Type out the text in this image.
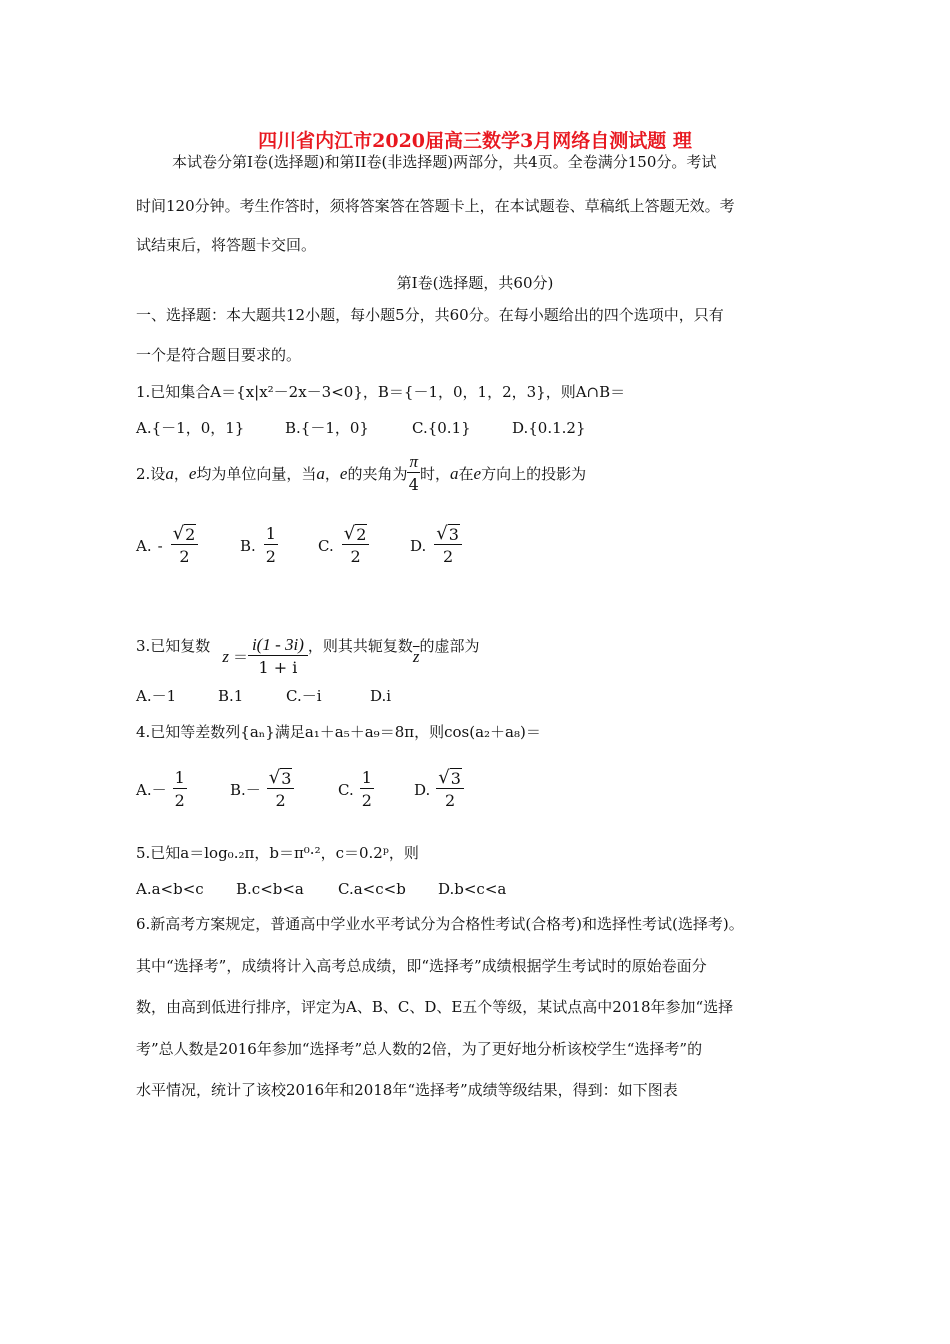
四川省内江市2020届高三数学3月网络自测试题 理
本试卷分第Ⅰ卷(选择题)和第II卷(非选择题)两部分，共4页。全卷满分150分。考试
时间120分钟。考生作答时，须将答案答在答题卡上，在本试题卷、草稿纸上答题无效。考
试结束后，将答题卡交回。
第Ⅰ卷(选择题，共60分)
一、选择题：本大题共12小题，每小题5分，共60分。在每小题给出的四个选项中，只有
一个是符合题目要求的。
1.已知集合A＝{x|x²－2x－3<0}，B＝{－1，0，1，2，3}，则A∩B＝
A.{－1，0，1}	B.{－1，0}	C.{0.1}	D.{0.1.2}
2.设 a ， e 均为单位向量，当 a ， e 的夹角为 $\frac{\pi}{4}$ 时， a 在 e 方向上的投影为
A. - $\frac{√ 2}{2}$	B. $\frac{1}{2}$	C. $\frac{√ 2}{2}$	D. $\frac{√ 3}{2}$
3.已知复数
$z = \frac{i(1 - 3i)}{1 + i}$ ，则其共轭复数
$\overline{z}$
的虚部为
A.－1	B.1	C.－i	D.i
4.已知等差数列{aₙ}满足a₁＋a₅＋a₉＝8π，则cos(a₂＋a₈)＝
$A.- \frac{1}{2}$	$B.- \frac{√ 3}{2}$	C. $\frac{1}{2}$	D. $\frac{√ 3}{2}$
5.已知a＝log₀.₂π，b＝π⁰·²，c＝0.2ᵖ，则
A.a<b<c B.c<b<a C.a<c<b D.b<c<a
6.新高考方案规定，普通高中学业水平考试分为合格性考试(合格考)和选择性考试(选择考)。
其中“选择考”，成绩将计入高考总成绩，即“选择考”成绩根据学生考试时的原始卷面分
数，由高到低进行排序，评定为A、B、C、D、E五个等级，某试点高中2018年参加“选择
考”总人数是2016年参加“选择考”总人数的2倍，为了更好地分析该校学生“选择考”的
水平情况，统计了该校2016年和2018年“选择考”成绩等级结果，得到：如下图表
